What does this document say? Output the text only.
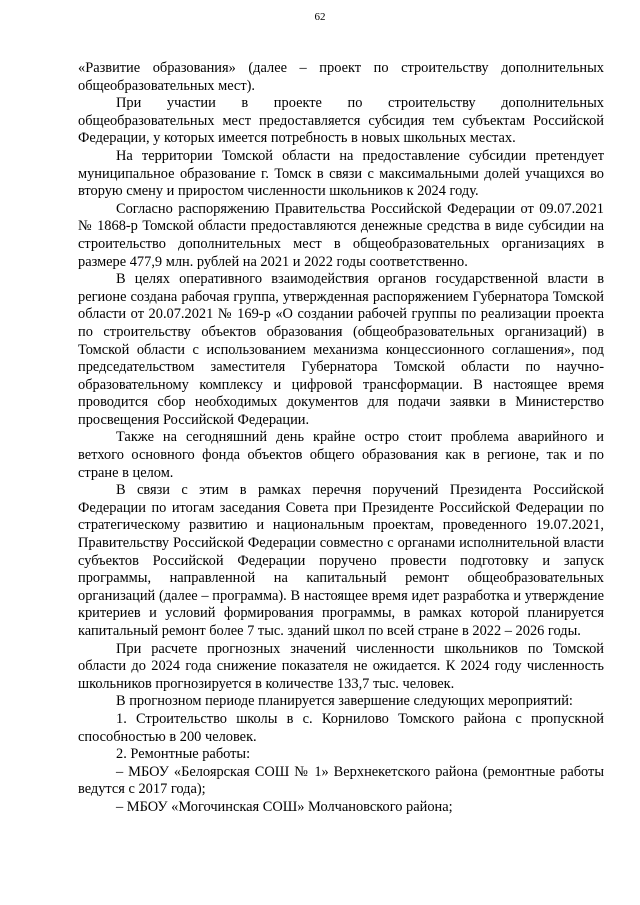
62

«Развитие образования» (далее – проект по строительству дополнительных общеобразовательных мест).

При участии в проекте по строительству дополнительных общеобразовательных мест предоставляется субсидия тем субъектам Российской Федерации, у которых имеется потребность в новых школьных местах.

На территории Томской области на предоставление субсидии претендует муниципальное образование г. Томск в связи с максимальными долей учащихся во вторую смену и приростом численности школьников к 2024 году.

Согласно распоряжению Правительства Российской Федерации от 09.07.2021 № 1868-р Томской области предоставляются денежные средства в виде субсидии на строительство дополнительных мест в общеобразовательных организациях в размере 477,9 млн. рублей на 2021 и 2022 годы соответственно.

В целях оперативного взаимодействия органов государственной власти в регионе создана рабочая группа, утвержденная распоряжением Губернатора Томской области от 20.07.2021 № 169-р «О создании рабочей группы по реализации проекта по строительству объектов образования (общеобразовательных организаций) в Томской области с использованием механизма концессионного соглашения», под председательством заместителя Губернатора Томской области по научно-образовательному комплексу и цифровой трансформации. В настоящее время проводится сбор необходимых документов для подачи заявки в Министерство просвещения Российской Федерации.

Также на сегодняшний день крайне остро стоит проблема аварийного и ветхого основного фонда объектов общего образования как в регионе, так и по стране в целом.

В связи с этим в рамках перечня поручений Президента Российской Федерации по итогам заседания Совета при Президенте Российской Федерации по стратегическому развитию и национальным проектам, проведенного 19.07.2021, Правительству Российской Федерации совместно с органами исполнительной власти субъектов Российской Федерации поручено провести подготовку и запуск программы, направленной на капитальный ремонт общеобразовательных организаций (далее – программа). В настоящее время идет разработка и утверждение критериев и условий формирования программы, в рамках которой планируется капитальный ремонт более 7 тыс. зданий школ по всей стране в 2022 – 2026 годы.

При расчете прогнозных значений численности школьников по Томской области до 2024 года снижение показателя не ожидается. К 2024 году численность школьников прогнозируется в количестве 133,7 тыс. человек.

В прогнозном периоде планируется завершение следующих мероприятий:

1. Строительство школы в с. Корнилово Томского района с пропускной способностью в 200 человек.

2. Ремонтные работы:

– МБОУ «Белоярская СОШ № 1» Верхнекетского района (ремонтные работы ведутся с 2017 года);

– МБОУ «Могочинская СОШ» Молчановского района;
